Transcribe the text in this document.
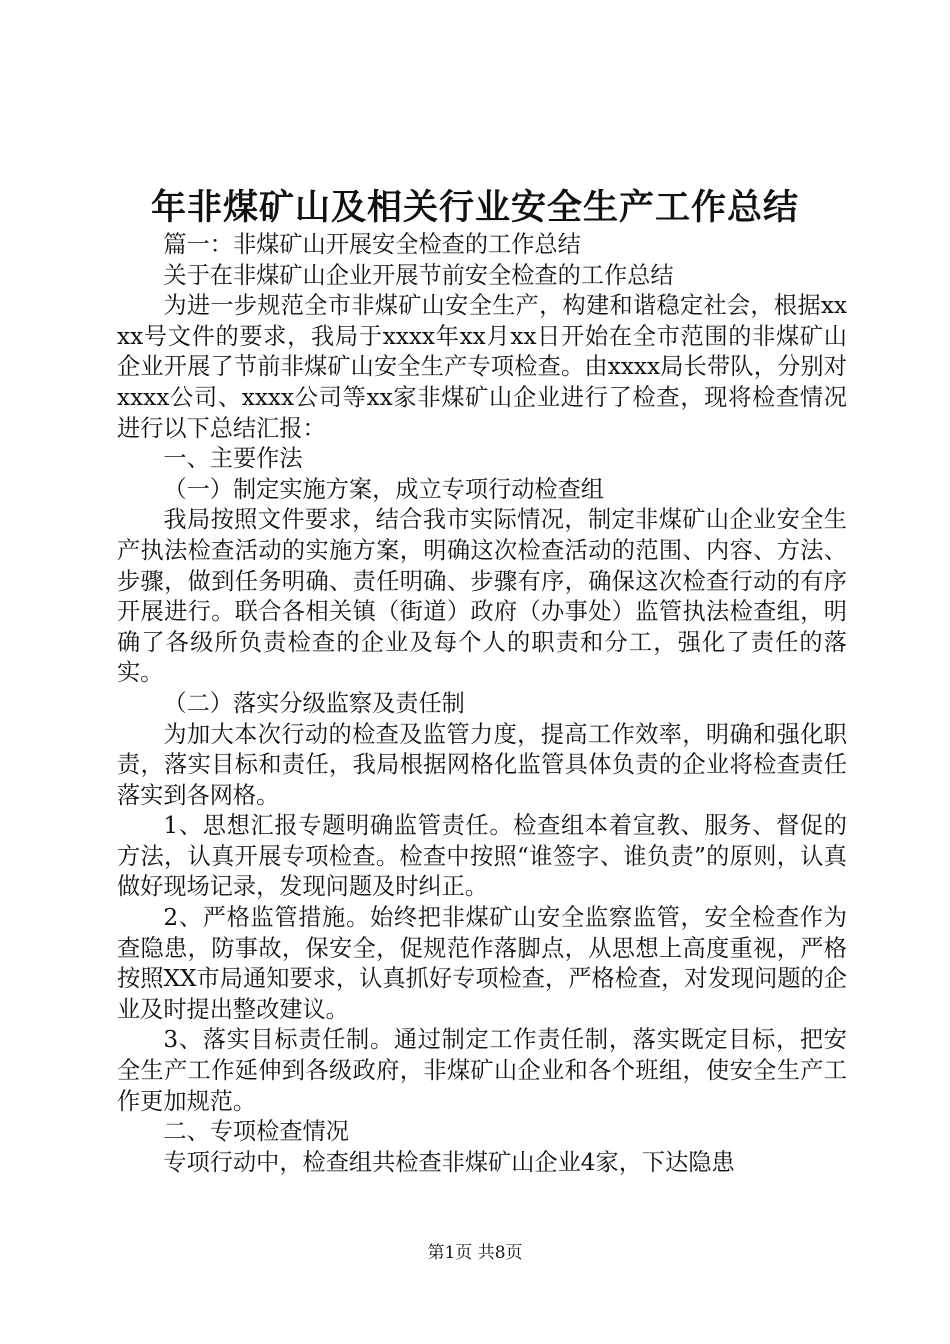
年非煤矿山及相关行业安全生产工作总结

篇一：非煤矿山开展安全检查的工作总结

关于在非煤矿山企业开展节前安全检查的工作总结

为进一步规范全市非煤矿山安全生产，构建和谐稳定社会，根据xxxx号文件的要求，我局于xxxx年xx月xx日开始在全市范围的非煤矿山企业开展了节前非煤矿山安全生产专项检查。由xxxx局长带队，分别对xxxx公司、xxxx公司等xx家非煤矿山企业进行了检查，现将检查情况进行以下总结汇报：

一、主要作法

（一）制定实施方案，成立专项行动检查组

我局按照文件要求，结合我市实际情况，制定非煤矿山企业安全生产执法检查活动的实施方案，明确这次检查活动的范围、内容、方法、步骤，做到任务明确、责任明确、步骤有序，确保这次检查行动的有序开展进行。联合各相关镇（街道）政府（办事处）监管执法检查组，明确了各级所负责检查的企业及每个人的职责和分工，强化了责任的落实。

（二）落实分级监察及责任制

为加大本次行动的检查及监管力度，提高工作效率，明确和强化职责，落实目标和责任，我局根据网格化监管具体负责的企业将检查责任落实到各网格。

1、思想汇报专题明确监管责任。检查组本着宣教、服务、督促的方法，认真开展专项检查。检查中按照“谁签字、谁负责”的原则，认真做好现场记录，发现问题及时纠正。

2、严格监管措施。始终把非煤矿山安全监察监管，安全检查作为查隐患，防事故，保安全，促规范作落脚点，从思想上高度重视，严格按照XX市局通知要求，认真抓好专项检查，严格检查，对发现问题的企业及时提出整改建议。

3、落实目标责任制。通过制定工作责任制，落实既定目标，把安全生产工作延伸到各级政府，非煤矿山企业和各个班组，使安全生产工作更加规范。

二、专项检查情况

专项行动中，检查组共检查非煤矿山企业4家，下达隐患

第1页 共8页
